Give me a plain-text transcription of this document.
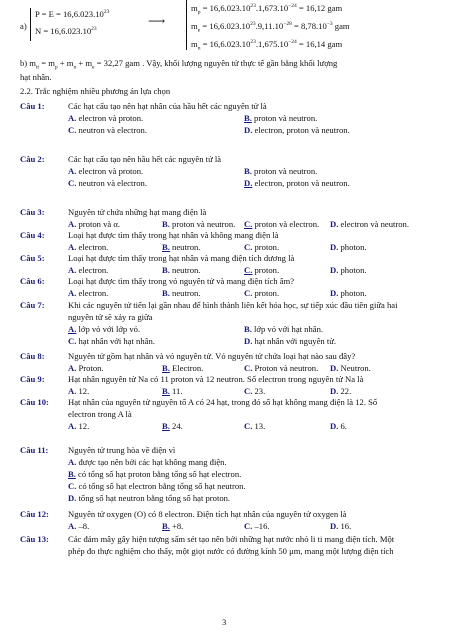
a)
$P = E = 16,6.023.10^{23}$
$N = 16,6.023.10^{23}$
⟶
$m_p = 16,6.023.10^{23}.1,673.10^{-24} = 16,12$ gam
$m_e = 16,6.023.10^{23}.9,11.10^{-28} = 8,78.10^{-3}$ gam
$m_n = 16,6.023.10^{23}.1,675.10^{-24} = 16,14$ gam
b) $m_{tt} = m_p + m_n + m_e = 32,27$ gam . Vậy, khối lượng nguyên tử thực tế gần bằng khối lượng
hạt nhân.
2.2. Trắc nghiệm nhiều phương án lựa chọn
Câu 1:	Các hạt cấu tạo nên hạt nhân của hầu hết các nguyên tử là
A. electron và proton.	B. proton và neutron.
C. neutron và electron.	D. electron, proton và neutron.
Câu 2:	Các hạt cấu tạo nên hầu hết các nguyên tử là
A. electron và proton.	B. proton và neutron.
C. neutron và electron.	D. electron, proton và neutron.
Câu 3:	Nguyên tử chứa những hạt mang điện là
A. proton và α.	B. proton và neutron. C. proton và electron. D. electron và neutron.
Câu 4:	Loại hạt được tìm thấy trong hạt nhân và không mang điện là
A. electron.	B. neutron.	C. proton.	D. photon.
Câu 5:	Loại hạt được tìm thấy trong hạt nhân và mang điện tích dương là
A. electron.	B. neutron.	C. proton.	D. photon.
Câu 6:	Loại hạt được tìm thấy trong vỏ nguyên tử và mang điện tích âm?
A. electron.	B. neutron.	C. proton.	D. photon.
Câu 7:	Khi các nguyên tử tiến lại gần nhau để hình thành liên kết hóa học, sự tiếp xúc đầu tiên giữa hai
nguyên tử sẽ xảy ra giữa
A. lớp vỏ với lớp vỏ.	B. lớp vỏ với hạt nhân.
C. hạt nhân với hạt nhân.	D. hạt nhân với nguyên tử.
Câu 8:	Nguyên tử gồm hạt nhân và vỏ nguyên tử. Vỏ nguyên tử chứa loại hạt nào sau đây?
A. Proton.	B. Electron.	C. Proton và neutron. D. Neutron.
Câu 9:	Hạt nhân nguyên tử Na có 11 proton và 12 neutron. Số electron trong nguyên tử Na là
A. 12.	B. 11.	C. 23.	D. 22.
Câu 10: Hạt nhân của nguyên tử nguyên tố A có 24 hạt, trong đó số hạt không mang điện là 12. Số
electron trong A là
A. 12.	B. 24.	C. 13.	D. 6.
Câu 11: Nguyên tử trung hòa về điện vì
A. được tạo nên bởi các hạt không mang điện.
B. có tổng số hạt proton bằng tổng số hạt electron.
C. có tổng số hạt electron bằng tổng số hạt neutron.
D. tổng số hạt neutron bằng tổng số hạt proton.
Câu 12: Nguyên tử oxygen (O) có 8 electron. Điện tích hạt nhân của nguyên tử oxygen là
A. –8.	B. +8.	C. –16.	D. 16.
Câu 13: Các đám mây gây hiện tượng sấm sét tạo nên bởi những hạt nước nhỏ li ti mang điện tích. Một
phép đo thực nghiệm cho thấy, một giọt nước có đường kính 50 μm, mang một lượng điện tích
3
